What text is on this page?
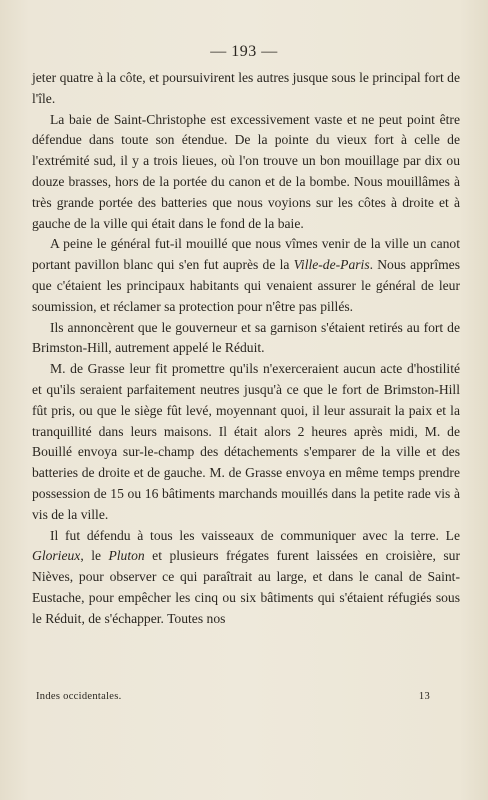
— 193 —

jeter quatre à la côte, et poursuivirent les autres jusque sous le principal fort de l'île.

La baie de Saint-Christophe est excessivement vaste et ne peut point être défendue dans toute son étendue. De la pointe du vieux fort à celle de l'extrémité sud, il y a trois lieues, où l'on trouve un bon mouillage par dix ou douze brasses, hors de la portée du canon et de la bombe. Nous mouillâmes à très grande portée des batteries que nous voyions sur les côtes à droite et à gauche de la ville qui était dans le fond de la baie.

A peine le général fut-il mouillé que nous vîmes venir de la ville un canot portant pavillon blanc qui s'en fut auprès de la Ville-de-Paris. Nous apprîmes que c'étaient les principaux habitants qui venaient assurer le général de leur soumission, et réclamer sa protection pour n'être pas pillés.

Ils annoncèrent que le gouverneur et sa garnison s'étaient retirés au fort de Brimston-Hill, autrement appelé le Réduit.

M. de Grasse leur fit promettre qu'ils n'exerceraient aucun acte d'hostilité et qu'ils seraient parfaitement neutres jusqu'à ce que le fort de Brimston-Hill fût pris, ou que le siège fût levé, moyennant quoi, il leur assurait la paix et la tranquillité dans leurs maisons. Il était alors 2 heures après midi, M. de Bouillé envoya sur-le-champ des détachements s'emparer de la ville et des batteries de droite et de gauche. M. de Grasse envoya en même temps prendre possession de 15 ou 16 bâtiments marchands mouillés dans la petite rade vis à vis de la ville.

Il fut défendu à tous les vaisseaux de communiquer avec la terre. Le Glorieux, le Pluton et plusieurs frégates furent laissées en croisière, sur Nièves, pour observer ce qui paraîtrait au large, et dans le canal de Saint-Eustache, pour empêcher les cinq ou six bâtiments qui s'étaient réfugiés sous le Réduit, de s'échapper. Toutes nos

Indes occidentales.	13
